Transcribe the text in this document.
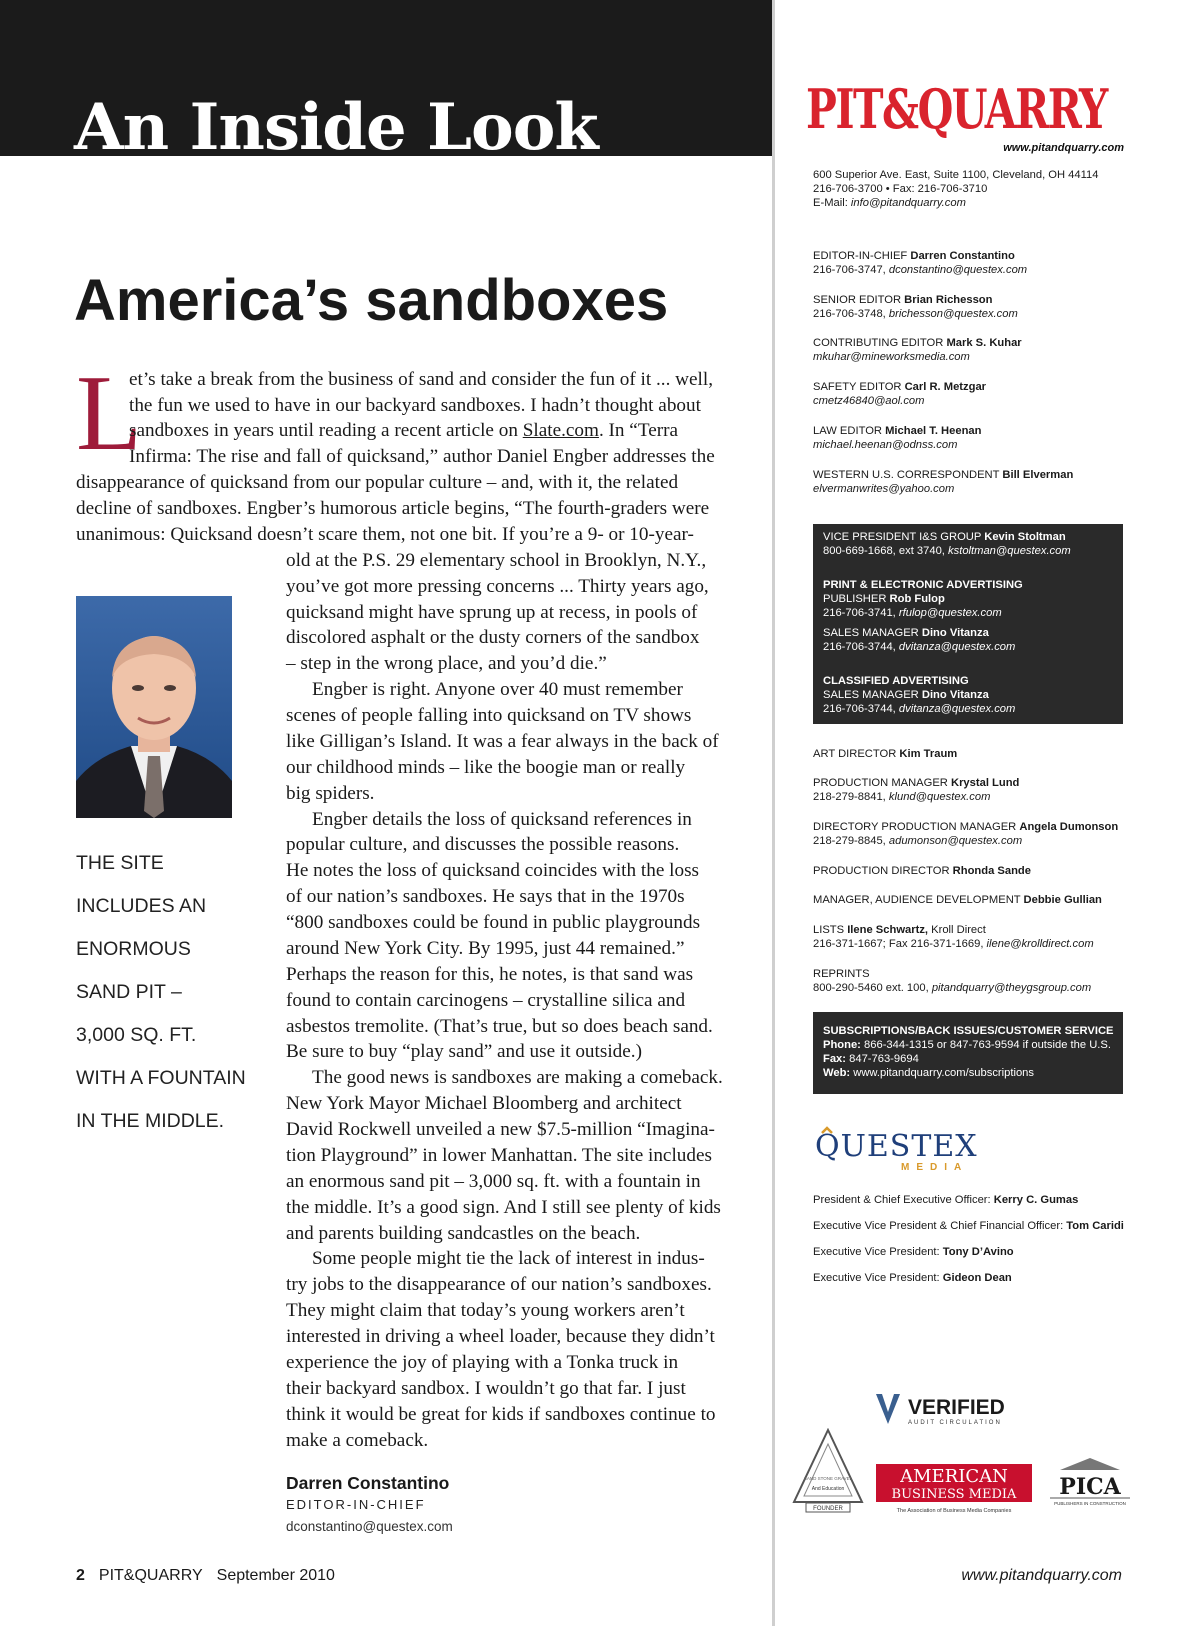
An Inside Look
America’s sandboxes
L
et’s take a break from the business of sand and consider the fun of it ... well,
the fun we used to have in our backyard sandboxes. I hadn’t thought about
sandboxes in years until reading a recent article on Slate.com. In “Terra
Infirma: The rise and fall of quicksand,” author Daniel Engber addresses the
disappearance of quicksand from our popular culture – and, with it, the related
decline of sandboxes. Engber’s humorous article begins, “The fourth-graders were
unanimous: Quicksand doesn’t scare them, not one bit. If you’re a 9- or 10-year-
old at the P.S. 29 elementary school in Brooklyn, N.Y.,
you’ve got more pressing concerns ... Thirty years ago,
quicksand might have sprung up at recess, in pools of
discolored asphalt or the dusty corners of the sandbox
– step in the wrong place, and you’d die.”
Engber is right. Anyone over 40 must remember
scenes of people falling into quicksand on TV shows
like Gilligan’s Island. It was a fear always in the back of
our childhood minds – like the boogie man or really
big spiders.
Engber details the loss of quicksand references in
popular culture, and discusses the possible reasons.
He notes the loss of quicksand coincides with the loss
of our nation’s sandboxes. He says that in the 1970s
“800 sandboxes could be found in public playgrounds
around New York City. By 1995, just 44 remained.”
Perhaps the reason for this, he notes, is that sand was
found to contain carcinogens – crystalline silica and
asbestos tremolite. (That’s true, but so does beach sand.
Be sure to buy “play sand” and use it outside.)
The good news is sandboxes are making a comeback.
New York Mayor Michael Bloomberg and architect
David Rockwell unveiled a new $7.5-million “Imagina-
tion Playground” in lower Manhattan. The site includes
an enormous sand pit – 3,000 sq. ft. with a fountain in
the middle. It’s a good sign. And I still see plenty of kids
and parents building sandcastles on the beach.
Some people might tie the lack of interest in indus-
try jobs to the disappearance of our nation’s sandboxes.
They might claim that today’s young workers aren’t
interested in driving a wheel loader, because they didn’t
experience the joy of playing with a Tonka truck in
their backyard sandbox. I wouldn’t go that far. I just
think it would be great for kids if sandboxes continue to
make a comeback.
THE SITE
INCLUDES AN
ENORMOUS
SAND PIT –
3,000 SQ. FT.
WITH A FOUNTAIN
IN THE MIDDLE.
Darren Constantino
EDITOR-IN-CHIEF
dconstantino@questex.com
2 PIT&QUARRY September 2010	www.pitandquarry.com
PIT&QUARRY
www.pitandquarry.com
600 Superior Ave. East, Suite 1100, Cleveland, OH 44114
216-706-3700 • Fax: 216-706-3710
E-Mail: info@pitandquarry.com
EDITOR-IN-CHIEF Darren Constantino
216-706-3747, dconstantino@questex.com
SENIOR EDITOR Brian Richesson
216-706-3748, brichesson@questex.com
CONTRIBUTING EDITOR Mark S. Kuhar
mkuhar@mineworksmedia.com
SAFETY EDITOR Carl R. Metzgar
cmetz46840@aol.com
LAW EDITOR Michael T. Heenan
michael.heenan@odnss.com
WESTERN U.S. CORRESPONDENT Bill Elverman
elvermanwrites@yahoo.com
VICE PRESIDENT I&S GROUP Kevin Stoltman
800-669-1668, ext 3740, kstoltman@questex.com
PRINT & ELECTRONIC ADVERTISING
PUBLISHER Rob Fulop
216-706-3741, rfulop@questex.com
SALES MANAGER Dino Vitanza
216-706-3744, dvitanza@questex.com
CLASSIFIED ADVERTISING
SALES MANAGER Dino Vitanza
216-706-3744, dvitanza@questex.com
ART DIRECTOR Kim Traum
PRODUCTION MANAGER Krystal Lund
218-279-8841, klund@questex.com
DIRECTORY PRODUCTION MANAGER Angela Dumonson
218-279-8845, adumonson@questex.com
PRODUCTION DIRECTOR Rhonda Sande
MANAGER, AUDIENCE DEVELOPMENT Debbie Gullian
LISTS Ilene Schwartz, Kroll Direct
216-371-1667; Fax 216-371-1669, ilene@krolldirect.com
REPRINTS
800-290-5460 ext. 100, pitandquarry@theygsgroup.com
SUBSCRIPTIONS/BACK ISSUES/CUSTOMER SERVICE
Phone: 866-344-1315 or 847-763-9594 if outside the U.S.
Fax: 847-763-9694
Web: www.pitandquarry.com/subscriptions
QUESTEX
MEDIA
President & Chief Executive Officer: Kerry C. Gumas
Executive Vice President & Chief Financial Officer: Tom Caridi
Executive Vice President: Tony D’Avino
Executive Vice President: Gideon Dean
VERIFIED
AUDIT CIRCULATION
SAND STONE GRAVEL
And Education
FOUNDER
AMERICAN
BUSINESS MEDIA
The Association of Business Media Companies
PICA
PUBLISHERS IN CONSTRUCTION
